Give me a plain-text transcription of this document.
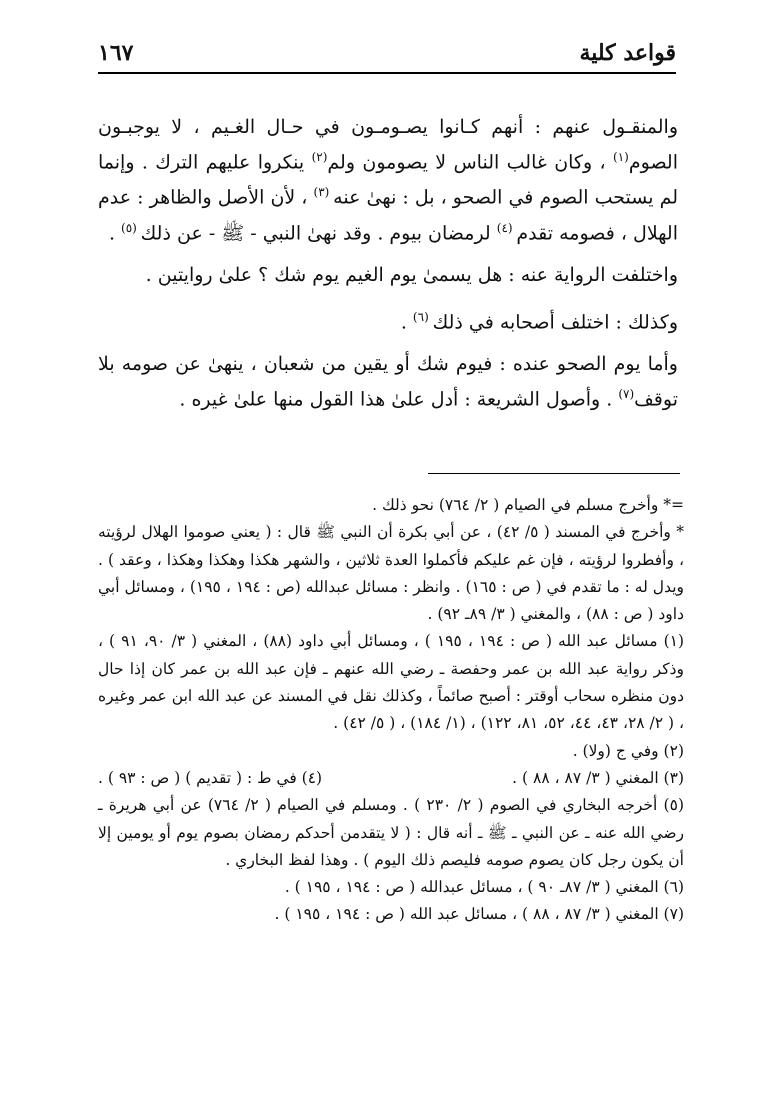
قواعد كلية
١٦٧

والمنقـول عنهم : أنهم كـانوا يصـومـون في حـال الغـيم ، لا يوجبـون الصوم$^{(١)}$ ، وكان غالب الناس لا يصومون ولم$^{(٢)}$ ينكروا عليهم الترك . وإنما لم يستحب الصوم في الصحو ، بل : نهىٰ عنه $^{(٣)}$ ، لأن الأصل والظاهر : عدم الهلال ، فصومه تقدم $^{(٤)}$ لرمضان بيوم . وقد نهىٰ النبي - ﷺ - عن ذلك $^{(٥)}$ .

واختلفت الرواية عنه : هل يسمىٰ يوم الغيم يوم شك ؟ علىٰ روايتين .

وكذلك : اختلف أصحابه في ذلك $^{(٦)}$ .

وأما يوم الصحو عنده : فيوم شك أو يقين من شعبان ، ينهىٰ عن صومه بلا توقف$^{(٧)}$ . وأصول الشريعة : أدل علىٰ هذا القول منها علىٰ غيره .

=* وأخرج مسلم في الصيام ( ٢/ ٧٦٤) نحو ذلك .

* وأخرج في المسند ( ٥/ ٤٢) ، عن أبي بكرة أن النبي ﷺ قال : ( يعني صوموا الهلال لرؤيته ، وأفطروا لرؤيته ، فإن غم عليكم فأكملوا العدة ثلاثين ، والشهر هكذا وهكذا وهكذا ، وعقد ) . ويدل له : ما تقدم في ( ص : ١٦٥) . وانظر : مسائل عبدالله (ص : ١٩٤ ، ١٩٥) ، ومسائل أبي داود ( ص : ٨٨) ، والمغني ( ٣/ ٨٩ـ ٩٢) .

(١) مسائل عبد الله ( ص : ١٩٤ ، ١٩٥ ) ، ومسائل أبي داود (٨٨) ، المغني ( ٣/ ٩٠، ٩١ ) ، وذكر رواية عبد الله بن عمر وحفصة ـ رضي الله عنهم ـ فإن عبد الله بن عمر كان إذا حال دون منظره سحاب أوقتر : أصبح صائماً ، وكذلك نقل في المسند عن عبد الله ابن عمر وغيره ، ( ٢/ ٢٨، ٤٣، ٤٤، ٥٢، ٨١، ١٢٢) ، (١/ ١٨٤) ، ( ٥/ ٤٢) .

(٢) وفي ج (ولا) .

(٣) المغني ( ٣/ ٨٧ ، ٨٨ ) .
(٤) في ط : ( تقديم ) ( ص : ٩٣ ) .

(٥) أخرجه البخاري في الصوم ( ٢/ ٢٣٠ ) . ومسلم في الصيام ( ٢/ ٧٦٤) عن أبي هريرة ـ رضي الله عنه ـ عن النبي ـ ﷺ ـ أنه قال : ( لا يتقدمن أحدكم رمضان بصوم يوم أو يومين إلا أن يكون رجل كان يصوم صومه فليصم ذلك اليوم ) . وهذا لفظ البخاري .

(٦) المغني ( ٣/ ٨٧ـ ٩٠ ) ، مسائل عبدالله ( ص : ١٩٤ ، ١٩٥ ) .

(٧) المغني ( ٣/ ٨٧ ، ٨٨ ) ، مسائل عبد الله ( ص : ١٩٤ ، ١٩٥ ) .
